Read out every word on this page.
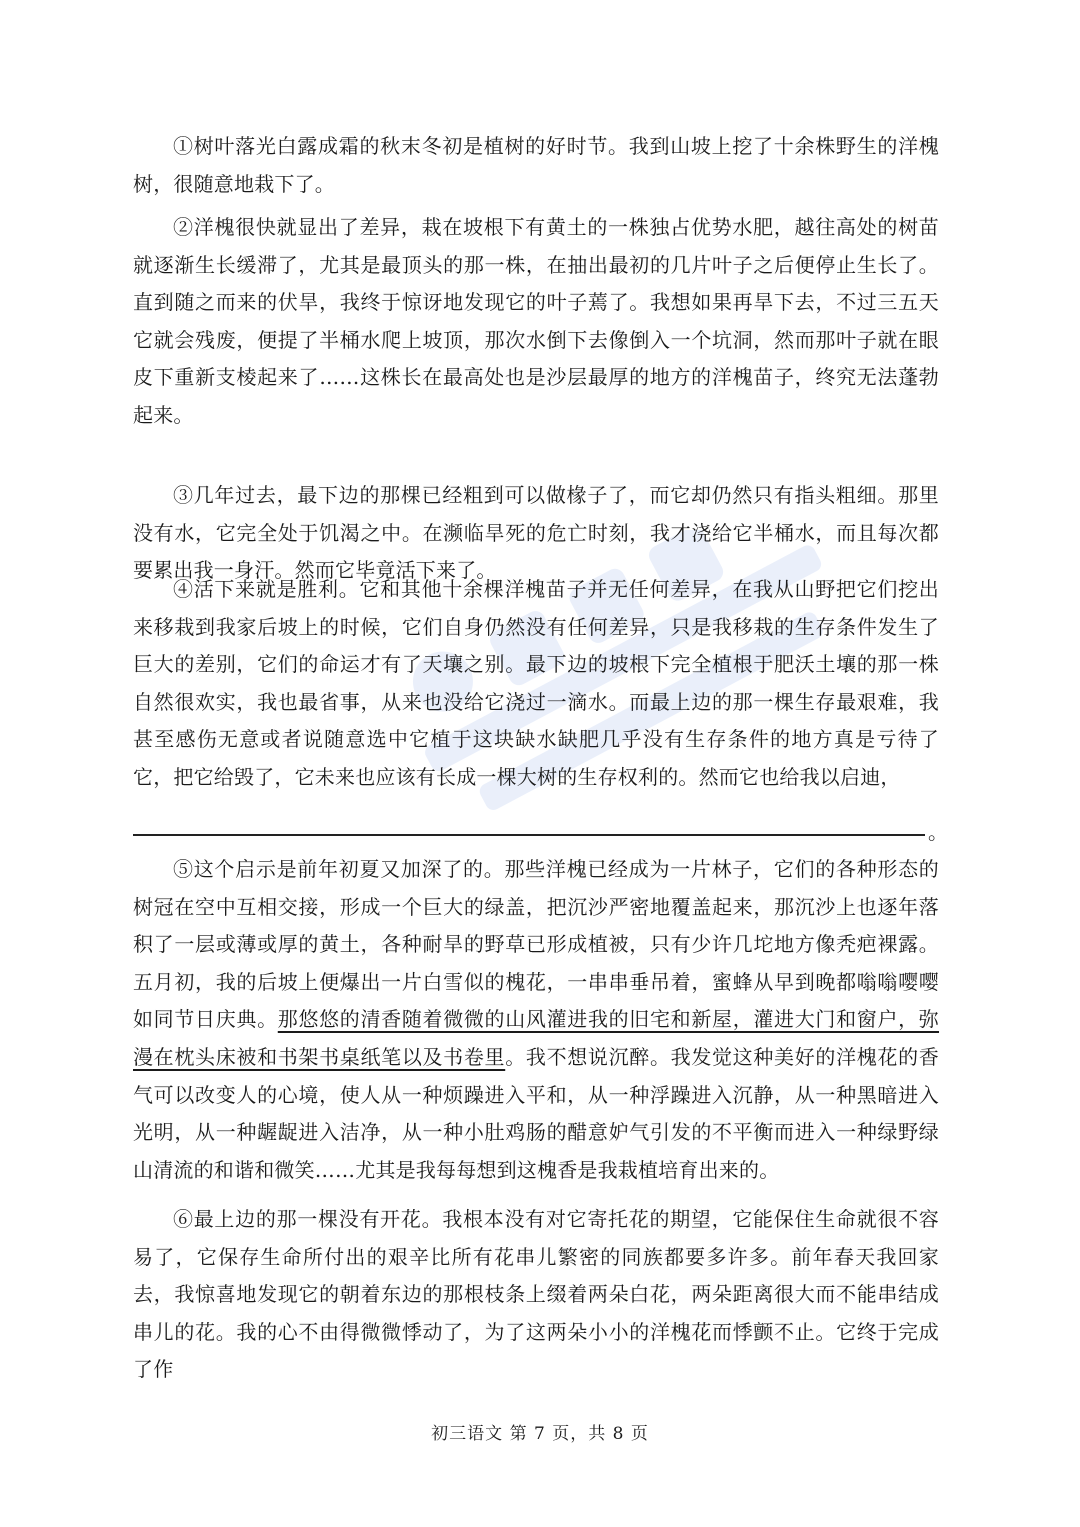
①树叶落光白露成霜的秋末冬初是植树的好时节。我到山坡上挖了十余株野生的洋槐树，很随意地栽下了。

②洋槐很快就显出了差异，栽在坡根下有黄土的一株独占优势水肥，越往高处的树苗就逐渐生长缓滞了，尤其是最顶头的那一株，在抽出最初的几片叶子之后便停止生长了。直到随之而来的伏旱，我终于惊讶地发现它的叶子蔫了。我想如果再旱下去，不过三五天它就会残废，便提了半桶水爬上坡顶，那次水倒下去像倒入一个坑洞，然而那叶子就在眼皮下重新支棱起来了……这株长在最高处也是沙层最厚的地方的洋槐苗子，终究无法蓬勃起来。

③几年过去，最下边的那棵已经粗到可以做椽子了，而它却仍然只有指头粗细。那里没有水，它完全处于饥渴之中。在濒临旱死的危亡时刻，我才浇给它半桶水，而且每次都要累出我一身汗。然而它毕竟活下来了。

④活下来就是胜利。它和其他十余棵洋槐苗子并无任何差异，在我从山野把它们挖出来移栽到我家后坡上的时候，它们自身仍然没有任何差异，只是我移栽的生存条件发生了巨大的差别，它们的命运才有了天壤之别。最下边的坡根下完全植根于肥沃土壤的那一株自然很欢实，我也最省事，从来也没给它浇过一滴水。而最上边的那一棵生存最艰难，我甚至感伤无意或者说随意选中它植于这块缺水缺肥几乎没有生存条件的地方真是亏待了它，把它给毁了，它未来也应该有长成一棵大树的生存权利的。然而它也给我以启迪，

。

⑤这个启示是前年初夏又加深了的。那些洋槐已经成为一片林子，它们的各种形态的树冠在空中互相交接，形成一个巨大的绿盖，把沉沙严密地覆盖起来，那沉沙上也逐年落积了一层或薄或厚的黄土，各种耐旱的野草已形成植被，只有少许几坨地方像秃疤裸露。五月初，我的后坡上便爆出一片白雪似的槐花，一串串垂吊着，蜜蜂从早到晚都嗡嗡嘤嘤如同节日庆典。那悠悠的清香随着微微的山风灌进我的旧宅和新屋，灌进大门和窗户，弥漫在枕头床被和书架书桌纸笔以及书卷里。我不想说沉醉。我发觉这种美好的洋槐花的香气可以改变人的心境，使人从一种烦躁进入平和，从一种浮躁进入沉静，从一种黑暗进入光明，从一种龌龊进入洁净，从一种小肚鸡肠的醋意妒气引发的不平衡而进入一种绿野绿山清流的和谐和微笑……尤其是我每每想到这槐香是我栽植培育出来的。

⑥最上边的那一棵没有开花。我根本没有对它寄托花的期望，它能保住生命就很不容易了，它保存生命所付出的艰辛比所有花串儿繁密的同族都要多许多。前年春天我回家去，我惊喜地发现它的朝着东边的那根枝条上缀着两朵白花，两朵距离很大而不能串结成串儿的花。我的心不由得微微悸动了，为了这两朵小小的洋槐花而悸颤不止。它终于完成了作

初三语文 第 7 页，共 8 页
